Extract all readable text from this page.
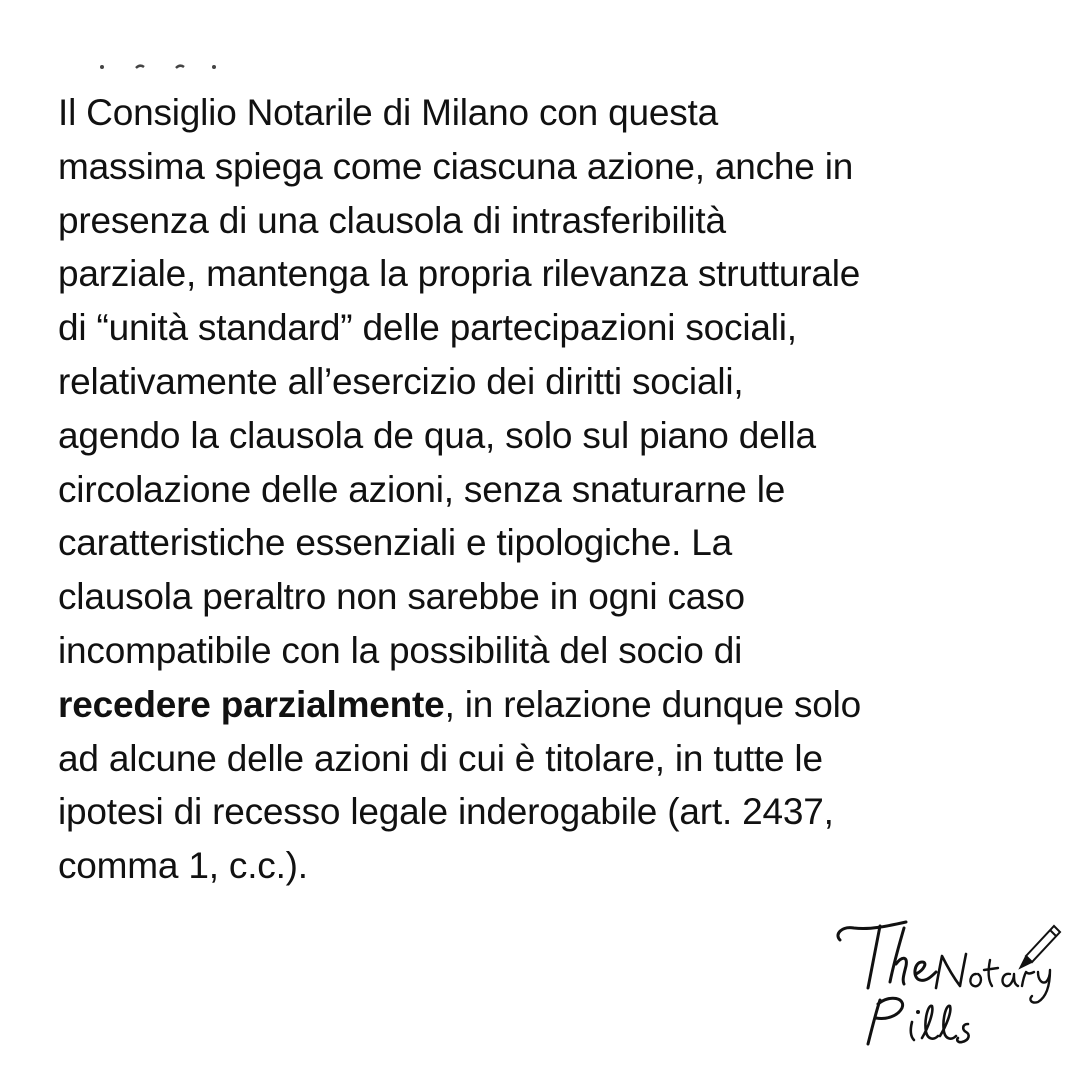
Il Consiglio Notarile di Milano con questa
massima spiega come ciascuna azione, anche in
presenza di una clausola di intrasferibilità
parziale, mantenga la propria rilevanza strutturale
di “unità standard” delle partecipazioni sociali,
relativamente all’esercizio dei diritti sociali,
agendo la clausola de qua, solo sul piano della
circolazione delle azioni, senza snaturarne le
caratteristiche essenziali e tipologiche. La
clausola peraltro non sarebbe in ogni caso
incompatibile con la possibilità del socio di
recedere parzialmente, in relazione dunque solo
ad alcune delle azioni di cui è titolare, in tutte le
ipotesi di recesso legale inderogabile (art. 2437,
comma 1, c.c.).
